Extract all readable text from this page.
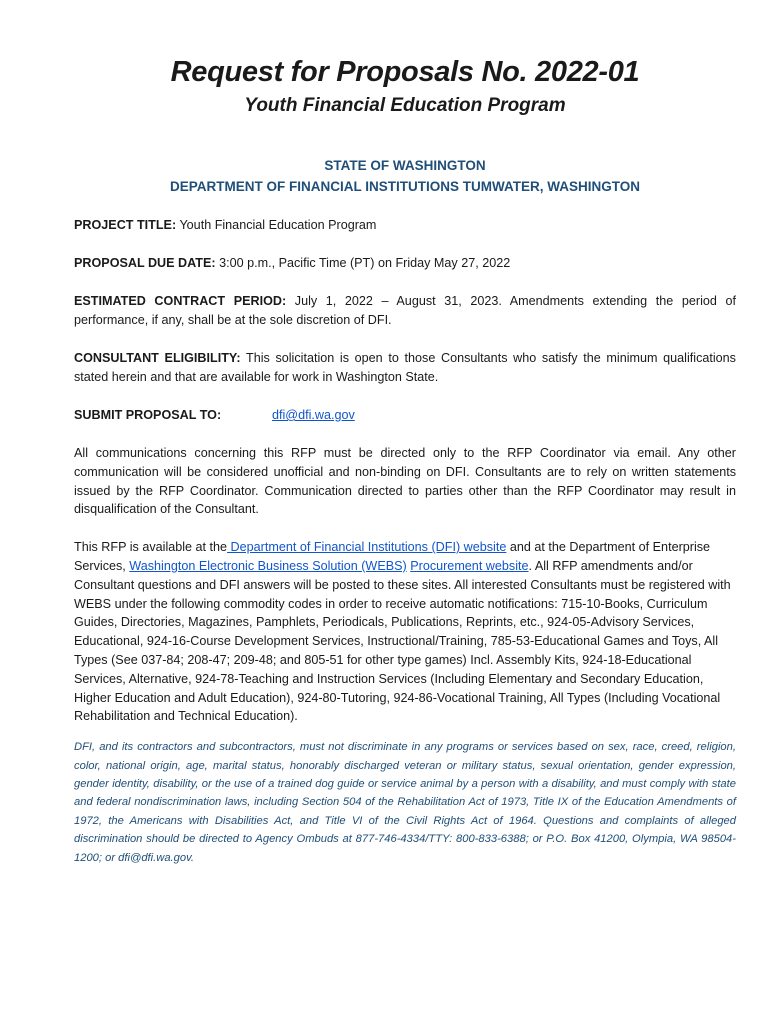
Request for Proposals No. 2022-01
Youth Financial Education Program
STATE OF WASHINGTON
DEPARTMENT OF FINANCIAL INSTITUTIONS TUMWATER, WASHINGTON

PROJECT TITLE: Youth Financial Education Program

PROPOSAL DUE DATE: 3:00 p.m., Pacific Time (PT) on Friday May 27, 2022

ESTIMATED CONTRACT PERIOD: July 1, 2022 – August 31, 2023. Amendments extending the period of performance, if any, shall be at the sole discretion of DFI.

CONSULTANT ELIGIBILITY: This solicitation is open to those Consultants who satisfy the minimum qualifications stated herein and that are available for work in Washington State.

SUBMIT PROPOSAL TO:	dfi@dfi.wa.gov
All communications concerning this RFP must be directed only to the RFP Coordinator via email. Any other communication will be considered unofficial and non-binding on DFI. Consultants are to rely on written statements issued by the RFP Coordinator. Communication directed to parties other than the RFP Coordinator may result in disqualification of the Consultant.
This RFP is available at the Department of Financial Institutions (DFI) website and at the Department of Enterprise Services, Washington Electronic Business Solution (WEBS) Procurement website. All RFP amendments and/or Consultant questions and DFI answers will be posted to these sites. All interested Consultants must be registered with WEBS under the following commodity codes in order to receive automatic notifications: 715-10-Books, Curriculum Guides, Directories, Magazines, Pamphlets, Periodicals, Publications, Reprints, etc., 924-05-Advisory Services, Educational, 924-16-Course Development Services, Instructional/Training, 785-53-Educational Games and Toys, All Types (See 037-84; 208-47; 209-48; and 805-51 for other type games) Incl. Assembly Kits, 924-18-Educational Services, Alternative, 924-78-Teaching and Instruction Services (Including Elementary and Secondary Education, Higher Education and Adult Education), 924-80-Tutoring, 924-86-Vocational Training, All Types (Including Vocational Rehabilitation and Technical Education).
DFI, and its contractors and subcontractors, must not discriminate in any programs or services based on sex, race, creed, religion, color, national origin, age, marital status, honorably discharged veteran or military status, sexual orientation, gender expression, gender identity, disability, or the use of a trained dog guide or service animal by a person with a disability, and must comply with state and federal nondiscrimination laws, including Section 504 of the Rehabilitation Act of 1973, Title IX of the Education Amendments of 1972, the Americans with Disabilities Act, and Title VI of the Civil Rights Act of 1964. Questions and complaints of alleged discrimination should be directed to Agency Ombuds at 877-746-4334/TTY: 800-833-6388; or P.O. Box 41200, Olympia, WA 98504-1200; or dfi@dfi.wa.gov.
